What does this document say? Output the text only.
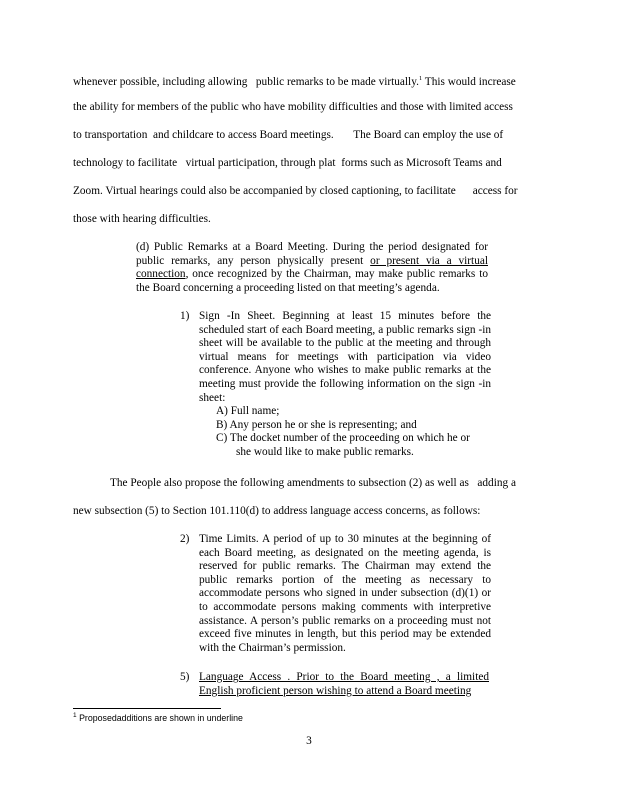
whenever possible, including allowing   public remarks to be made virtually.$^1$ This would increase
the ability for members of the public who have mobility difficulties and those with limited access
to transportation  and childcare to access Board meetings.       The Board can employ the use of
technology to facilitate   virtual participation, through plat  forms such as Microsoft Teams and
Zoom. Virtual hearings could also be accompanied by closed captioning, to facilitate      access for
those with hearing difficulties.
(d) Public Remarks at a Board Meeting. During the period designated for public remarks, any person physically present or present via a virtual connection, once recognized by the Chairman, may make public remarks to the Board concerning a proceeding listed on that meeting’s agenda.
1) Sign -In Sheet. Beginning at least 15 minutes before the scheduled start of each Board meeting, a public remarks sign -in sheet will be available to the public at the meeting and through virtual means for meetings with participation via video conference. Anyone who wishes to make public remarks at the meeting must provide the following information on the sign -in sheet:
A) Full name;
B) Any person he or she is representing; and
C) The docket number of the proceeding on which he or
she would like to make public remarks.
The People also propose the following amendments to subsection (2) as well as   adding a
new subsection (5) to Section 101.110(d) to address language access concerns, as follows:
2) Time Limits. A period of up to 30 minutes at the beginning of each Board meeting, as designated on the meeting agenda, is reserved for public remarks. The Chairman may extend the public remarks portion of the meeting as necessary to accommodate persons who signed in under subsection (d)(1) or to accommodate persons making comments with interpretive assistance. A person’s public remarks on a proceeding must not exceed five minutes in length, but this period may be extended with the Chairman’s permission.
5) Language Access . Prior to the Board meeting , a limited English proficient person wishing to attend a Board meeting
$^1$ Proposedadditions are shown in underline
3
